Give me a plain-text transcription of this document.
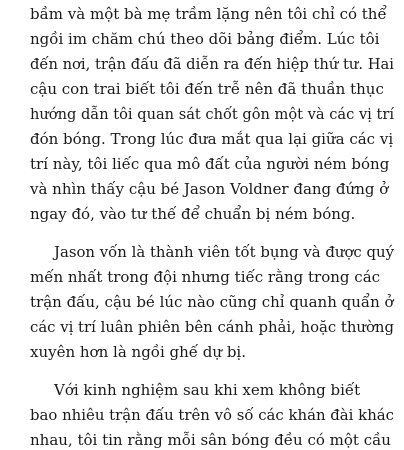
bầm và một bà mẹ trầm lặng nên tôi chỉ có thể
ngồi im chăm chú theo dõi bảng điểm. Lúc tôi
đến nơi, trận đấu đã diễn ra đến hiệp thứ tư. Hai
cậu con trai biết tôi đến trễ nên đã thuần thục
hướng dẫn tôi quan sát chốt gôn một và các vị trí
đón bóng. Trong lúc đưa mắt qua lại giữa các vị
trí này, tôi liếc qua mô đất của người ném bóng
và nhìn thấy cậu bé Jason Voldner đang đứng ở
ngay đó, vào tư thế để chuẩn bị ném bóng.
Jason vốn là thành viên tốt bụng và được quý
mến nhất trong đội nhưng tiếc rằng trong các
trận đấu, cậu bé lúc nào cũng chỉ quanh quẩn ở
các vị trí luân phiên bên cánh phải, hoặc thường
xuyên hơn là ngồi ghế dự bị.
Với kinh nghiệm sau khi xem không biết
bao nhiêu trận đấu trên vô số các khán đài khác
nhau, tôi tin rằng mỗi sân bóng đều có một cầu
